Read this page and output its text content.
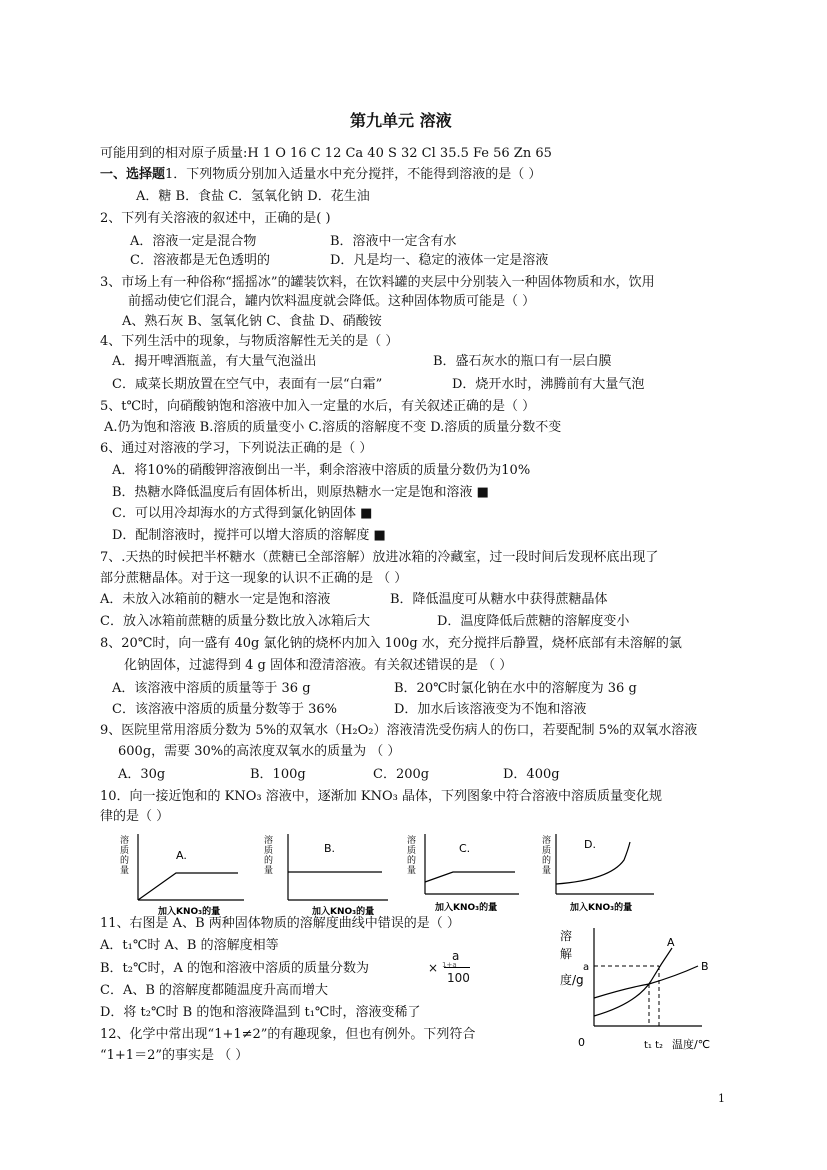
第九单元 溶液
可能用到的相对原子质量:H 1 O 16 C 12 Ca 40 S 32 Cl 35.5 Fe 56 Zn 65
一、选择题1．下列物质分别加入适量水中充分搅拌，不能得到溶液的是（ ）
A．糖 B．食盐 C．氢氧化钠 D．花生油
2、下列有关溶液的叙述中，正确的是( )
A．溶液一定是混合物	B．溶液中一定含有水
C．溶液都是无色透明的	D．凡是均一、稳定的液体一定是溶液
3、市场上有一种俗称“摇摇冰”的罐装饮料，在饮料罐的夹层中分别装入一种固体物质和水，饮用
前摇动使它们混合，罐内饮料温度就会降低。这种固体物质可能是（ ）
A、熟石灰 B、氢氧化钠 C、食盐 D、硝酸铵
4、下列生活中的现象，与物质溶解性无关的是（ ）
A．揭开啤酒瓶盖，有大量气泡溢出	B．盛石灰水的瓶口有一层白膜
C．咸菜长期放置在空气中，表面有一层“白霜”	D．烧开水时，沸腾前有大量气泡
5、t℃时，向硝酸钠饱和溶液中加入一定量的水后，有关叙述正确的是（ ）
A.仍为饱和溶液 B.溶质的质量变小 C.溶质的溶解度不变 D.溶质的质量分数不变
6、通过对溶液的学习，下列说法正确的是（ ）
A．将10%的硝酸钾溶液倒出一半，剩余溶液中溶质的质量分数仍为10%
B．热糖水降低温度后有固体析出，则原热糖水一定是饱和溶液 ■
C．可以用冷却海水的方式得到氯化钠固体 ■
D．配制溶液时，搅拌可以增大溶质的溶解度 ■
7、.天热的时候把半杯糖水（蔗糖已全部溶解）放进冰箱的冷藏室，过一段时间后发现杯底出现了
部分蔗糖晶体。对于这一现象的认识不正确的是 （ ）
A．未放入冰箱前的糖水一定是饱和溶液	B．降低温度可从糖水中获得蔗糖晶体
C．放入冰箱前蔗糖的质量分数比放入冰箱后大	D．温度降低后蔗糖的溶解度变小
8、20℃时，向一盛有 40g 氯化钠的烧杯内加入 100g 水，充分搅拌后静置，烧杯底部有未溶解的氯
化钠固体，过滤得到 4 g 固体和澄清溶液。有关叙述错误的是 （ ）
A．该溶液中溶质的质量等于 36 g	B．20℃时氯化钠在水中的溶解度为 36 g
C．该溶液中溶质的质量分数等于 36%	D．加水后该溶液变为不饱和溶液
9、医院里常用溶质分数为 5%的双氧水（H₂O₂）溶液清洗受伤病人的伤口，若要配制 5%的双氧水溶液
600g，需要 30%的高浓度双氧水的质量为 （ ）
A．30g	B．100g	C．200g	D．400g
10．向一接近饱和的 KNO₃ 溶液中，逐渐加 KNO₃ 晶体，下列图象中符合溶液中溶质质量变化规
律的是（ ）
溶
质
的
量
A.
加入KNO₃的量
溶
质
的
量
B.
加入KNO₃的量
溶
质
的
量
C.
加入KNO₃的量
溶
质
的
量
D.
加入KNO₃的量
11、右图是 A、B 两种固体物质的溶解度曲线中错误的是（ ）
A．t₁℃时 A、B 的溶解度相等
B．t₂℃时，A 的饱和溶液中溶质的质量分数为	× 1+a
a
100
C．A、B 的溶解度都随温度升高而增大
D．将 t₂℃时 B 的饱和溶液降温到 t₁℃时，溶液变稀了
溶
解
度/g
a
A
B
0	t₁ t₂ 温度/℃
12、化学中常出现“1+1≠2”的有趣现象，但也有例外。下列符合
“1+1＝2”的事实是 （ ）
1
